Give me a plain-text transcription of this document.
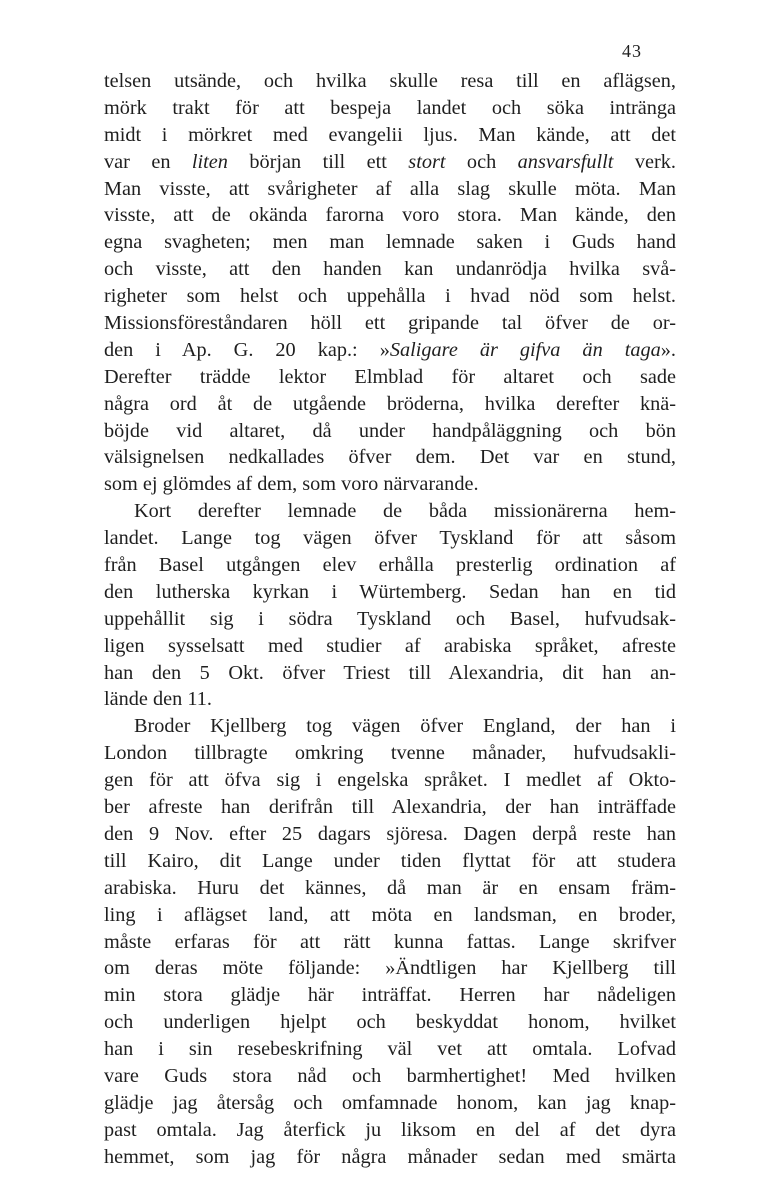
43
telsen utsände, och hvilka skulle resa till en aflägsen,
mörk trakt för att bespeja landet och söka intränga
midt i mörkret med evangelii ljus. Man kände, att det
var en liten början till ett stort och ansvarsfullt verk.
Man visste, att svårigheter af alla slag skulle möta. Man
visste, att de okända farorna voro stora. Man kände, den
egna svagheten; men man lemnade saken i Guds hand
och visste, att den handen kan undanrödja hvilka svå-
righeter som helst och uppehålla i hvad nöd som helst.
Missionsföreståndaren höll ett gripande tal öfver de or-
den i Ap. G. 20 kap.: »Saligare är gifva än taga».
Derefter trädde lektor Elmblad för altaret och sade
några ord åt de utgående bröderna, hvilka derefter knä-
böjde vid altaret, då under handpåläggning och bön
välsignelsen nedkallades öfver dem. Det var en stund,
som ej glömdes af dem, som voro närvarande.
Kort derefter lemnade de båda missionärerna hem-
landet. Lange tog vägen öfver Tyskland för att såsom
från Basel utgången elev erhålla presterlig ordination af
den lutherska kyrkan i Würtemberg. Sedan han en tid
uppehållit sig i södra Tyskland och Basel, hufvudsak-
ligen sysselsatt med studier af arabiska språket, afreste
han den 5 Okt. öfver Triest till Alexandria, dit han an-
lände den 11.
Broder Kjellberg tog vägen öfver England, der han i
London tillbragte omkring tvenne månader, hufvudsakli-
gen för att öfva sig i engelska språket. I medlet af Okto-
ber afreste han derifrån till Alexandria, der han inträffade
den 9 Nov. efter 25 dagars sjöresa. Dagen derpå reste han
till Kairo, dit Lange under tiden flyttat för att studera
arabiska. Huru det kännes, då man är en ensam främ-
ling i aflägset land, att möta en landsman, en broder,
måste erfaras för att rätt kunna fattas. Lange skrifver
om deras möte följande: »Ändtligen har Kjellberg till
min stora glädje här inträffat. Herren har nådeligen
och underligen hjelpt och beskyddat honom, hvilket
han i sin resebeskrifning väl vet att omtala. Lofvad
vare Guds stora nåd och barmhertighet! Med hvilken
glädje jag återsåg och omfamnade honom, kan jag knap-
past omtala. Jag återfick ju liksom en del af det dyra
hemmet, som jag för några månader sedan med smärta
